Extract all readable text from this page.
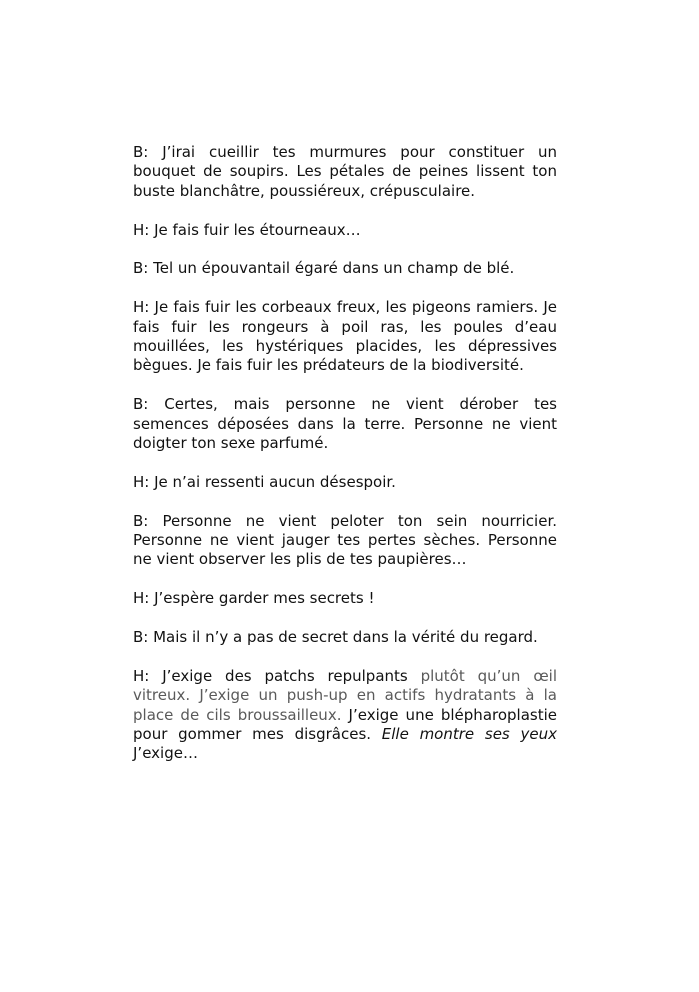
B: J’irai cueillir tes murmures pour constituer un bouquet de soupirs. Les pétales de peines lissent ton buste blanchâtre, poussiéreux, crépusculaire.

H: Je fais fuir les étourneaux…

B: Tel un épouvantail égaré dans un champ de blé.

H: Je fais fuir les corbeaux freux, les pigeons ramiers. Je fais fuir les rongeurs à poil ras, les poules d’eau mouillées, les hystériques placides, les dépressives bègues. Je fais fuir les prédateurs de la biodiversité.

B: Certes, mais personne ne vient dérober tes semences déposées dans la terre. Personne ne vient doigter ton sexe parfumé.

H: Je n’ai ressenti aucun désespoir.

B: Personne ne vient peloter ton sein nourricier. Personne ne vient jauger tes pertes sèches. Personne ne vient observer les plis de tes paupières…

H: J’espère garder mes secrets !

B: Mais il n’y a pas de secret dans la vérité du regard.

H: J’exige des patchs repulpants plutôt qu’un œil vitreux. J’exige un push-up en actifs hydratants à la place de cils broussailleux. J’exige une blépharoplastie pour gommer mes disgrâces. Elle montre ses yeux J’exige…
